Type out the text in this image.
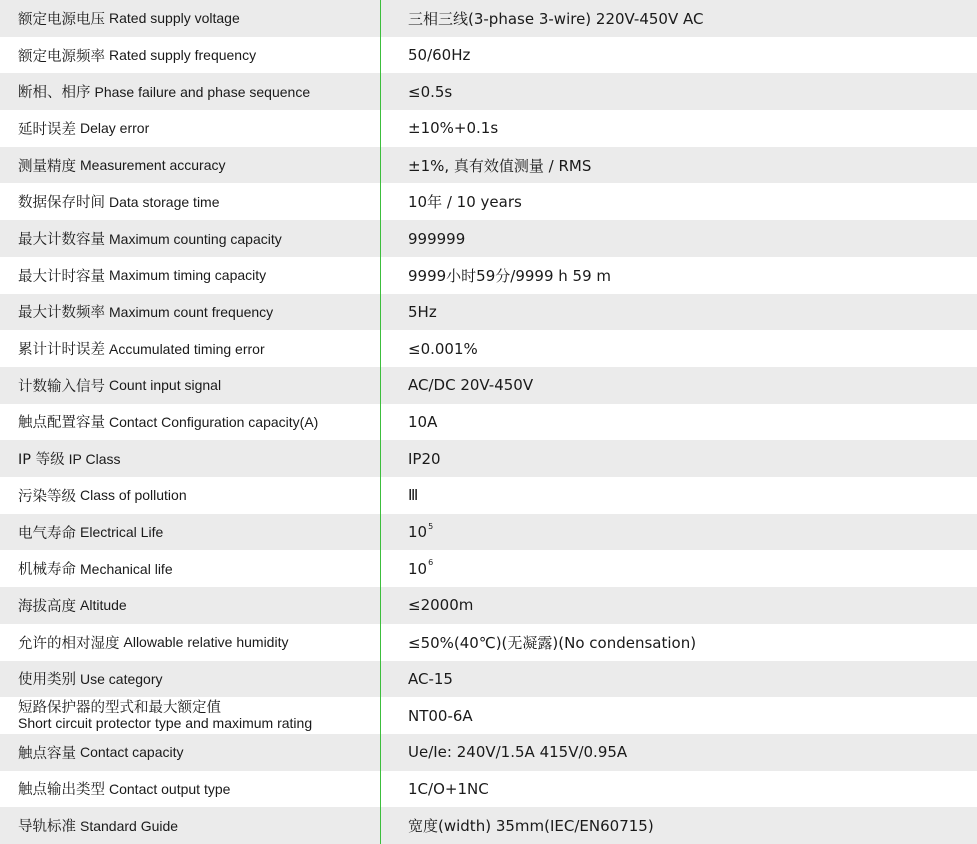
导轨标准 Standard Guide	宽度(width) 35mm(IEC/EN60715)
触点输出类型 Contact output type	1C/O+1NC
触点容量 Contact capacity	Ue/Ie: 240V/1.5A 415V/0.95A
短路保护器的型式和最大额定值
Short circuit protector type and maximum rating	NT00-6A
使用类别 Use category	AC-15
允许的相对湿度 Allowable relative humidity	≤50%(40℃)(无凝露)(No condensation)
海拔高度 Altitude	≤2000m
机械寿命 Mechanical life	$10^6$
电气寿命 Electrical Life	$10^5$
污染等级 Class of pollution	Ⅲ
IP 等级 IP Class	IP20
触点配置容量 Contact Configuration capacity(A)	10A
计数输入信号 Count input signal	AC/DC 20V-450V
累计计时误差 Accumulated timing error	≤0.001%
最大计数频率 Maximum count frequency	5Hz
最大计时容量 Maximum timing capacity	9999小时59分/9999 h 59 m
最大计数容量 Maximum counting capacity	999999
数据保存时间 Data storage time	10年 / 10 years
测量精度 Measurement accuracy	±1%, 真有效值测量 / RMS
延时误差 Delay error	±10%+0.1s
断相、相序 Phase failure and phase sequence	≤0.5s
额定电源频率 Rated supply frequency	50/60Hz
额定电源电压 Rated supply voltage	三相三线(3-phase 3-wire) 220V-450V AC
